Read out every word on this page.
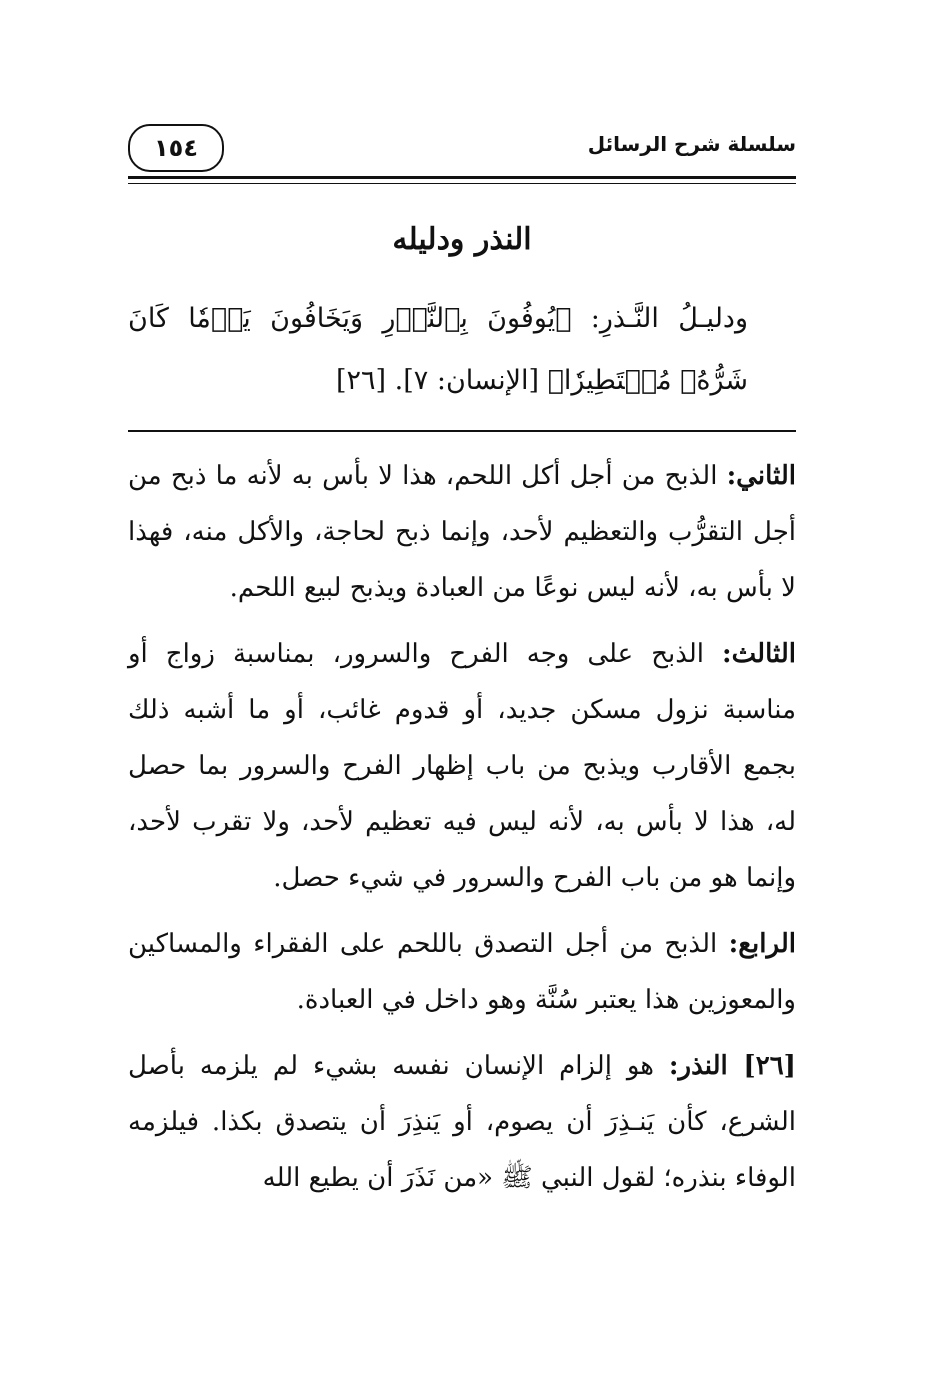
١٥٤	سلسلة شرح الرسائل
النذر ودليله
ودليـلُ النَّـذرِ: ﴿يُوفُونَ بِٱلنَّذۡرِ وَيَخَافُونَ يَوۡمٗا كَانَ شَرُّهُۥ مُسۡتَطِيرٗا﴾ [الإنسان: ٧]. [٢٦]

الثاني: الذبح من أجل أكل اللحم، هذا لا بأس به لأنه ما ذبح من أجل التقرُّب والتعظيم لأحد، وإنما ذبح لحاجة، والأكل منه، فهذا لا بأس به، لأنه ليس نوعًا من العبادة ويذبح لبيع اللحم.

الثالث: الذبح على وجه الفرح والسرور، بمناسبة زواج أو مناسبة نزول مسكن جديد، أو قدوم غائب، أو ما أشبه ذلك بجمع الأقارب ويذبح من باب إظهار الفرح والسرور بما حصل له، هذا لا بأس به، لأنه ليس فيه تعظيم لأحد، ولا تقرب لأحد، وإنما هو من باب الفرح والسرور في شيء حصل.

الرابع: الذبح من أجل التصدق باللحم على الفقراء والمساكين والمعوزين هذا يعتبر سُنَّة وهو داخل في العبادة.

[٢٦] النذر: هو إلزام الإنسان نفسه بشيء لم يلزمه بأصل الشرع، كأن يَنـذِرَ أن يصوم، أو يَنذِرَ أن يتصدق بكذا. فيلزمه الوفاء بنذره؛ لقول النبي ﷺ «من نَذَرَ أن يطيع الله
